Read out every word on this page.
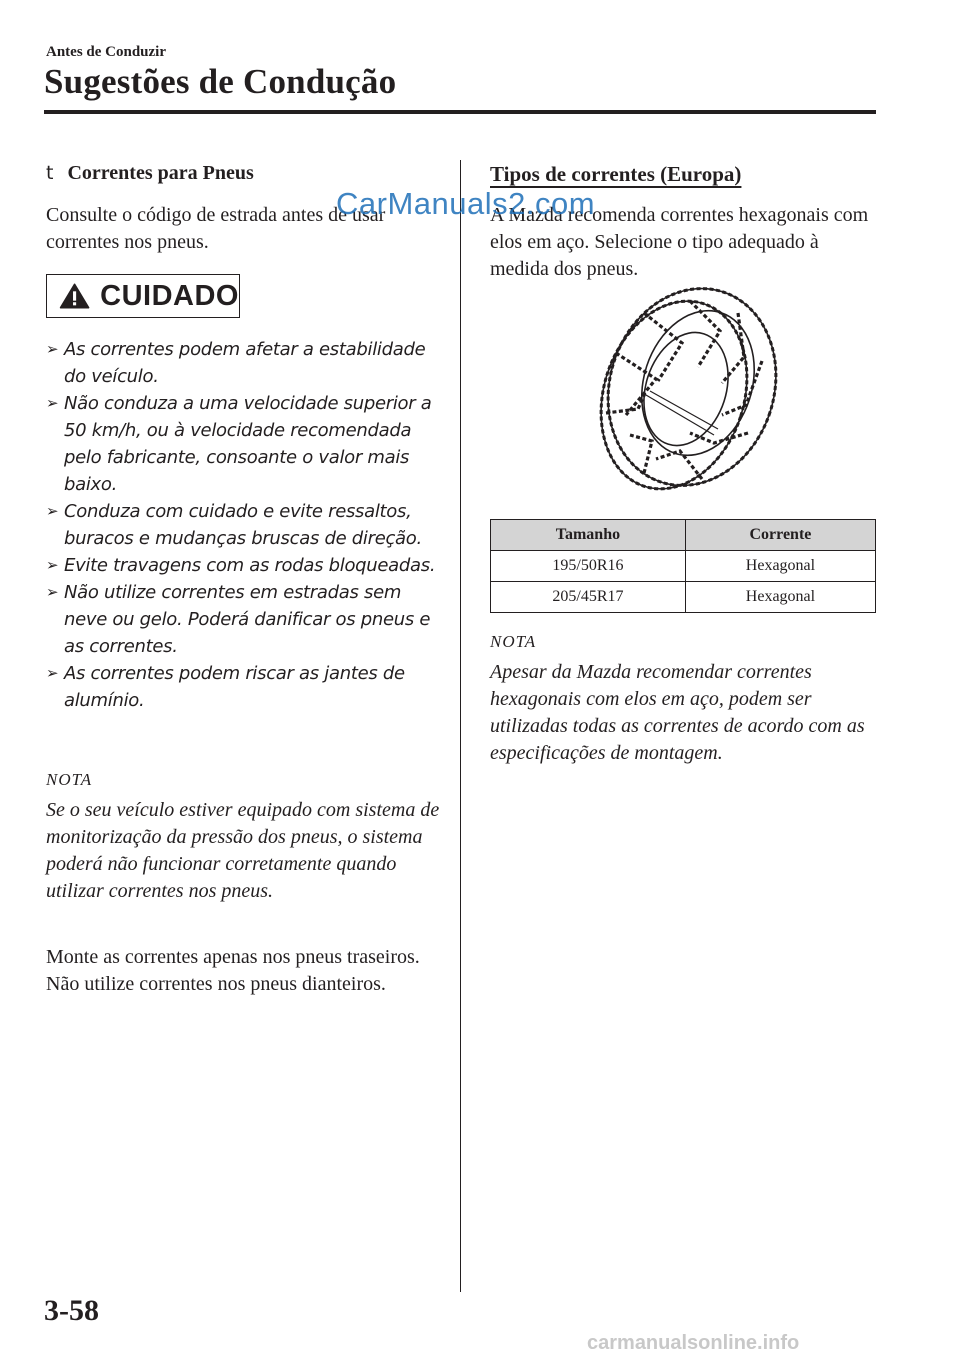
Antes de Conduzir
Sugestões de Condução
t Correntes para Pneus
Consulte o código de estrada antes de usar correntes nos pneus.
CUIDADO
➢ As correntes podem afetar a estabilidade do veículo.
➢ Não conduza a uma velocidade superior a 50 km/h, ou à velocidade recomendada pelo fabricante, consoante o valor mais baixo.
➢ Conduza com cuidado e evite ressaltos, buracos e mudanças bruscas de direção.
➢ Evite travagens com as rodas bloqueadas.
➢ Não utilize correntes em estradas sem neve ou gelo. Poderá danificar os pneus e as correntes.
➢ As correntes podem riscar as jantes de alumínio.
NOTA
Se o seu veículo estiver equipado com sistema de monitorização da pressão dos pneus, o sistema poderá não funcionar corretamente quando utilizar correntes nos pneus.
Monte as correntes apenas nos pneus traseiros.
Não utilize correntes nos pneus dianteiros.
Tipos de correntes (Europa)
A Mazda recomenda correntes hexagonais com elos em aço. Selecione o tipo adequado à medida dos pneus.
Tamanho	Corrente
195/50R16	Hexagonal
205/45R17	Hexagonal
NOTA
Apesar da Mazda recomendar correntes hexagonais com elos em aço, podem ser utilizadas todas as correntes de acordo com as especificações de montagem.
3-58
CarManuals2.com
carmanualsonline.info
